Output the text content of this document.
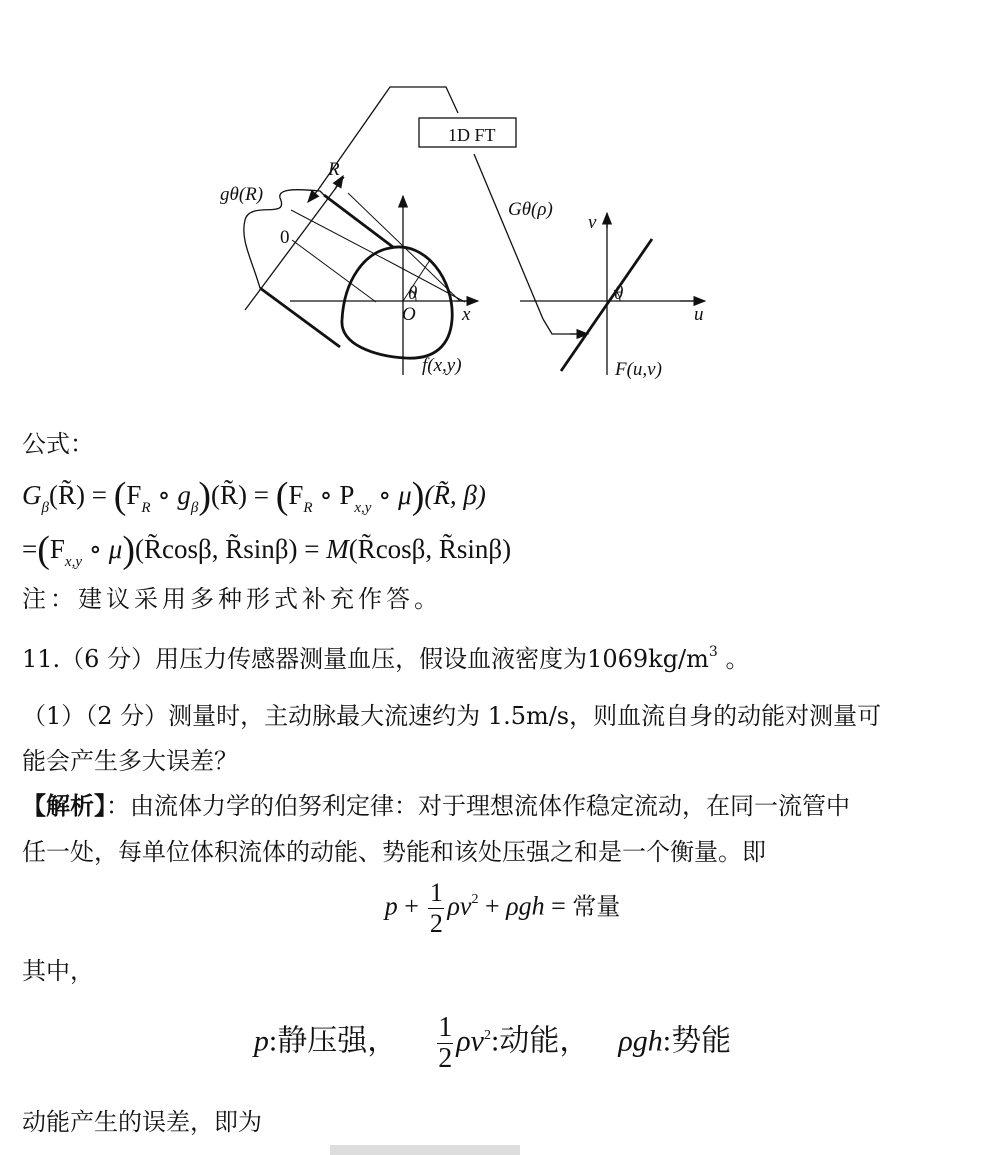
1D FT
gθ(R)
R
0
θ
O x
f(x,y)
Gθ(ρ)
v
θ
u
F(u,v)
公式：
$G_\beta(R̃) = (F_R$ ∘ $g_\beta)(R̃) = (F_R$ ∘ $P_{x,y}$ ∘ μ)(R̃, β)
$=(F_{x,y}$ ∘ μ)(R̃cosβ, R̃sinβ) = M(R̃cosβ, R̃sinβ)
注：建议采用多种形式补充作答。
11.（6 分）用压力传感器测量血压，假设血液密度为$1069kg/m^3$ 。
（1）（2 分）测量时，主动脉最大流速约为 1.5m/s，则血流自身的动能对测量可
能会产生多大误差？
【解析】：由流体力学的伯努利定律：对于理想流体作稳定流动，在同一流管中
任一处，每单位体积流体的动能、势能和该处压强之和是一个衡量。即
$p + \frac{1}{2} \rho v^2 + \rho gh$ = 常量
其中，
p:静压强， $\frac{1}{2} \rho v^2$:动能， ρgh:势能
动能产生的误差，即为
